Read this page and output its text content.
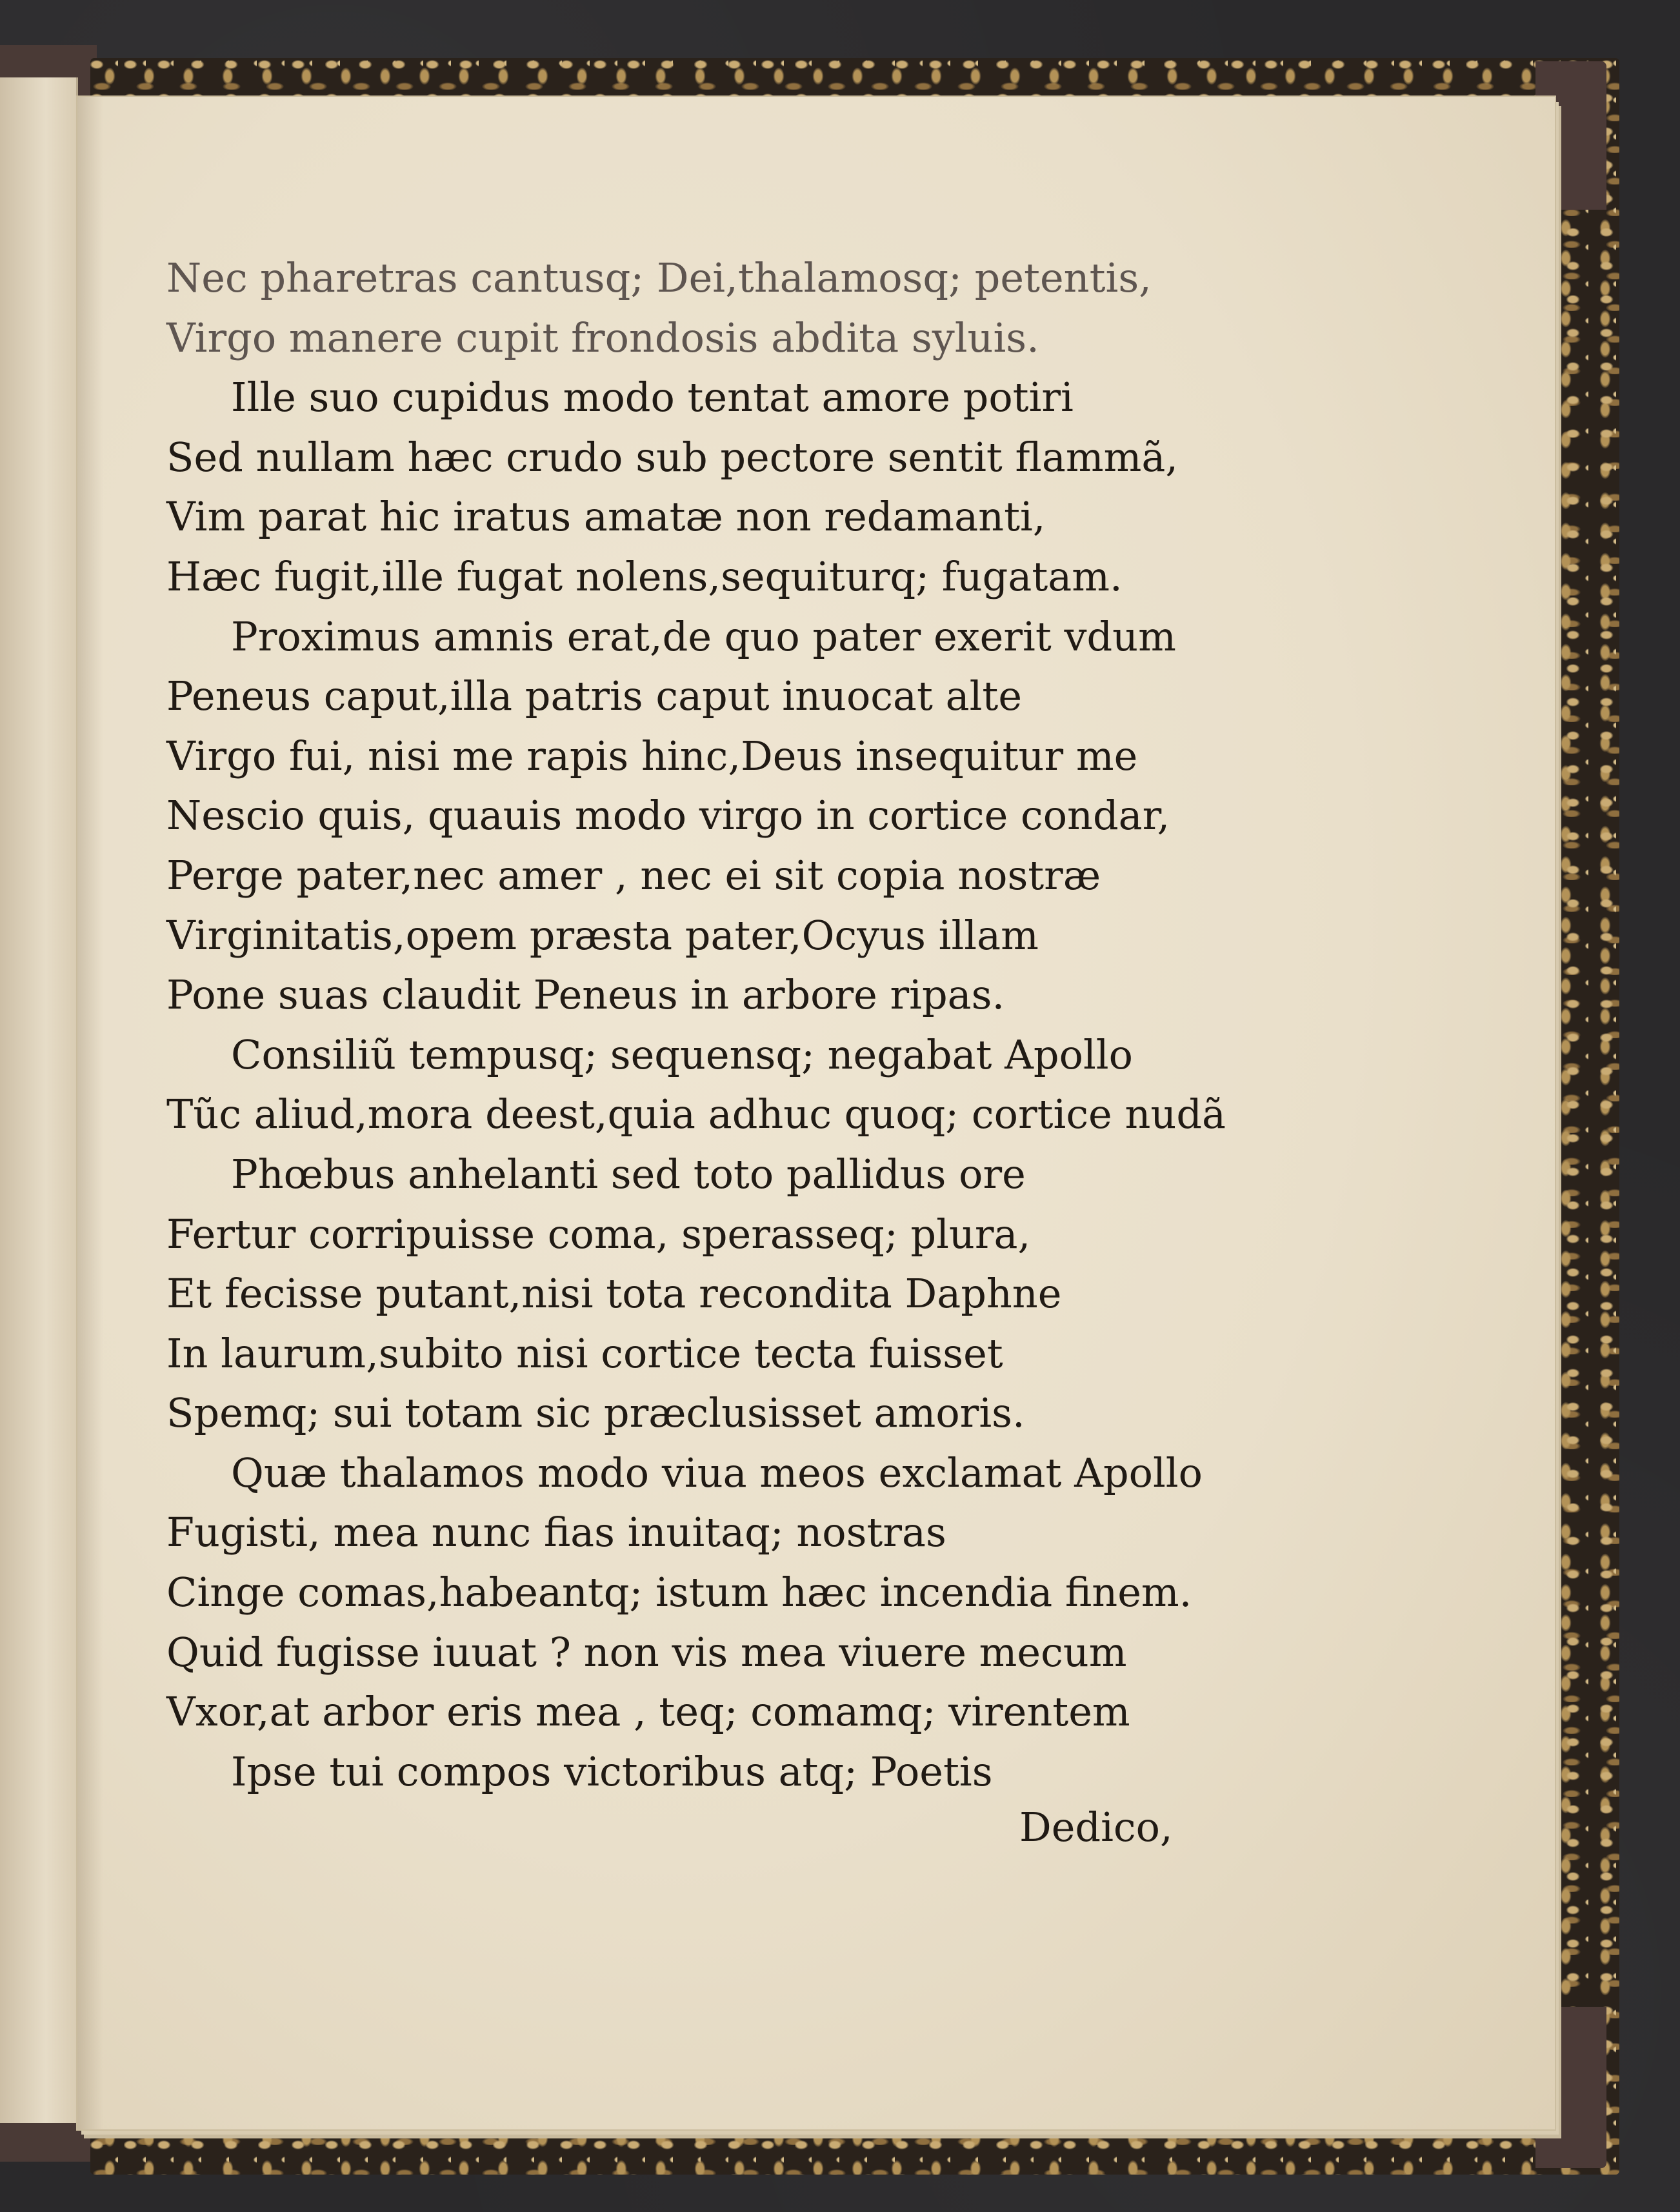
Nec pharetras cantusq; Dei,thalamosq; petentis,
Virgo manere cupit frondosis abdita syluis.
Ille suo cupidus modo tentat amore potiri
Sed nullam hæc crudo sub pectore sentit flammã,
Vim parat hic iratus amatæ non redamanti,
Hæc fugit,ille fugat nolens,sequiturq; fugatam.
Proximus amnis erat,de quo pater exerit vdum
Peneus caput,illa patris caput inuocat alte
Virgo fui, nisi me rapis hinc,Deus insequitur me
Nescio quis, quauis modo virgo in cortice condar,
Perge pater,nec amer , nec ei sit copia nostræ
Virginitatis,opem præsta pater,Ocyus illam
Pone suas claudit Peneus in arbore ripas.
Consiliũ tempusq; sequensq; negabat Apollo
Tũc aliud,mora deest,quia adhuc quoq; cortice nudã
Phœbus anhelanti sed toto pallidus ore
Fertur corripuisse coma, sperasseq; plura,
Et fecisse putant,nisi tota recondita Daphne
In laurum,subito nisi cortice tecta fuisset
Spemq; sui totam sic præclusisset amoris.
Quæ thalamos modo viua meos exclamat Apollo
Fugisti, mea nunc fias inuitaq; nostras
Cinge comas,habeantq; istum hæc incendia finem.
Quid fugisse iuuat ? non vis mea viuere mecum
Vxor,at arbor eris mea , teq; comamq; virentem
Ipse tui compos victoribus atq; Poetis
Dedico,
